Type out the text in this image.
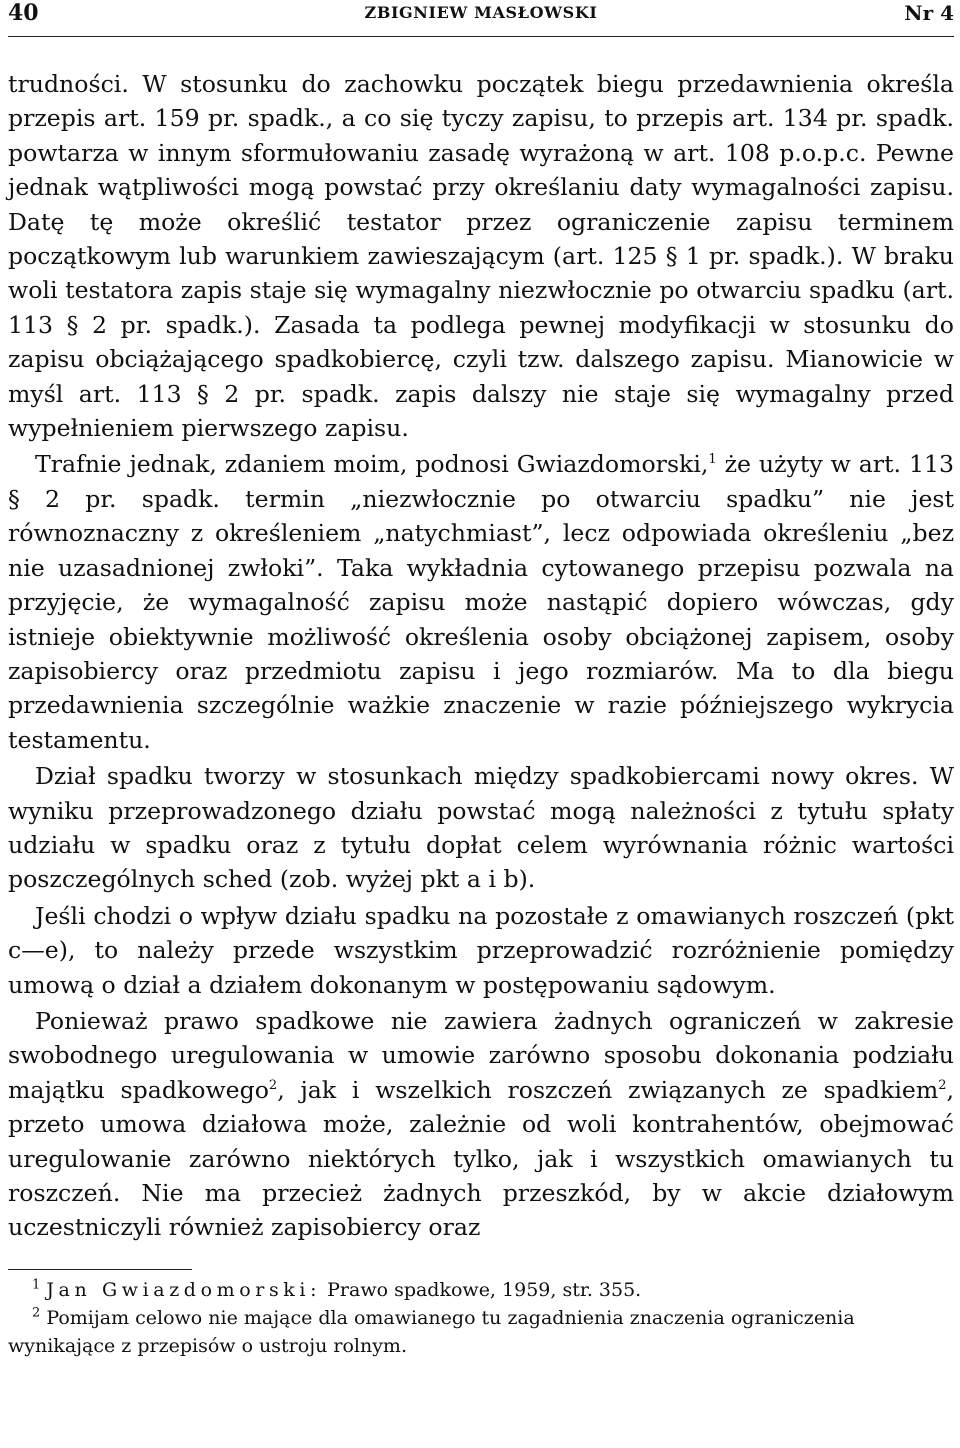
ZBIGNIEW MASŁOWSKI
40	Nr 4

trudności. W stosunku do zachowku początek biegu przedawnienia określa przepis art. 159 pr. spadk., a co się tyczy zapisu, to przepis art. 134 pr. spadk. powtarza w innym sformułowaniu zasadę wyrażoną w art. 108 p.o.p.c. Pewne jednak wątpliwości mogą powstać przy określaniu daty wymagalności zapisu. Datę tę może określić testator przez ograniczenie zapisu terminem początkowym lub warunkiem zawieszającym (art. 125 § 1 pr. spadk.). W braku woli testatora zapis staje się wymagalny niezwłocznie po otwarciu spadku (art. 113 § 2 pr. spadk.). Zasada ta podlega pewnej modyfikacji w stosunku do zapisu obciążającego spadkobiercę, czyli tzw. dalszego zapisu. Mianowicie w myśl art. 113 § 2 pr. spadk. zapis dalszy nie staje się wymagalny przed wypełnieniem pierwszego zapisu.

Trafnie jednak, zdaniem moim, podnosi Gwiazdomorski,$^1$ że użyty w art. 113 § 2 pr. spadk. termin „niezwłocznie po otwarciu spadku” nie jest równoznaczny z określeniem „natychmiast”, lecz odpowiada określeniu „bez nie uzasadnionej zwłoki”. Taka wykładnia cytowanego przepisu pozwala na przyjęcie, że wymagalność zapisu może nastąpić dopiero wówczas, gdy istnieje obiektywnie możliwość określenia osoby obciążonej zapisem, osoby zapisobiercy oraz przedmiotu zapisu i jego rozmiarów. Ma to dla biegu przedawnienia szczególnie ważkie znaczenie w razie późniejszego wykrycia testamentu.

Dział spadku tworzy w stosunkach między spadkobiercami nowy okres. W wyniku przeprowadzonego działu powstać mogą należności z tytułu spłaty udziału w spadku oraz z tytułu dopłat celem wyrównania różnic wartości poszczególnych sched (zob. wyżej pkt a i b).

Jeśli chodzi o wpływ działu spadku na pozostałe z omawianych roszczeń (pkt c—e), to należy przede wszystkim przeprowadzić rozróżnienie pomiędzy umową o dział a działem dokonanym w postępowaniu sądowym.

Ponieważ prawo spadkowe nie zawiera żadnych ograniczeń w zakresie swobodnego uregulowania w umowie zarówno sposobu dokonania podziału majątku spadkowego$^2$, jak i wszelkich roszczeń związanych ze spadkiem$^2$, przeto umowa działowa może, zależnie od woli kontrahentów, obejmować uregulowanie zarówno niektórych tylko, jak i wszystkich omawianych tu roszczeń. Nie ma przecież żadnych przeszkód, by w akcie działowym uczestniczyli również zapisobiercy oraz

$^1$ Jan Gwiazdomorski: Prawo spadkowe, 1959, str. 355.

$^2$ Pomijam celowo nie mające dla omawianego tu zagadnienia znaczenia ograniczenia wynikające z przepisów o ustroju rolnym.
